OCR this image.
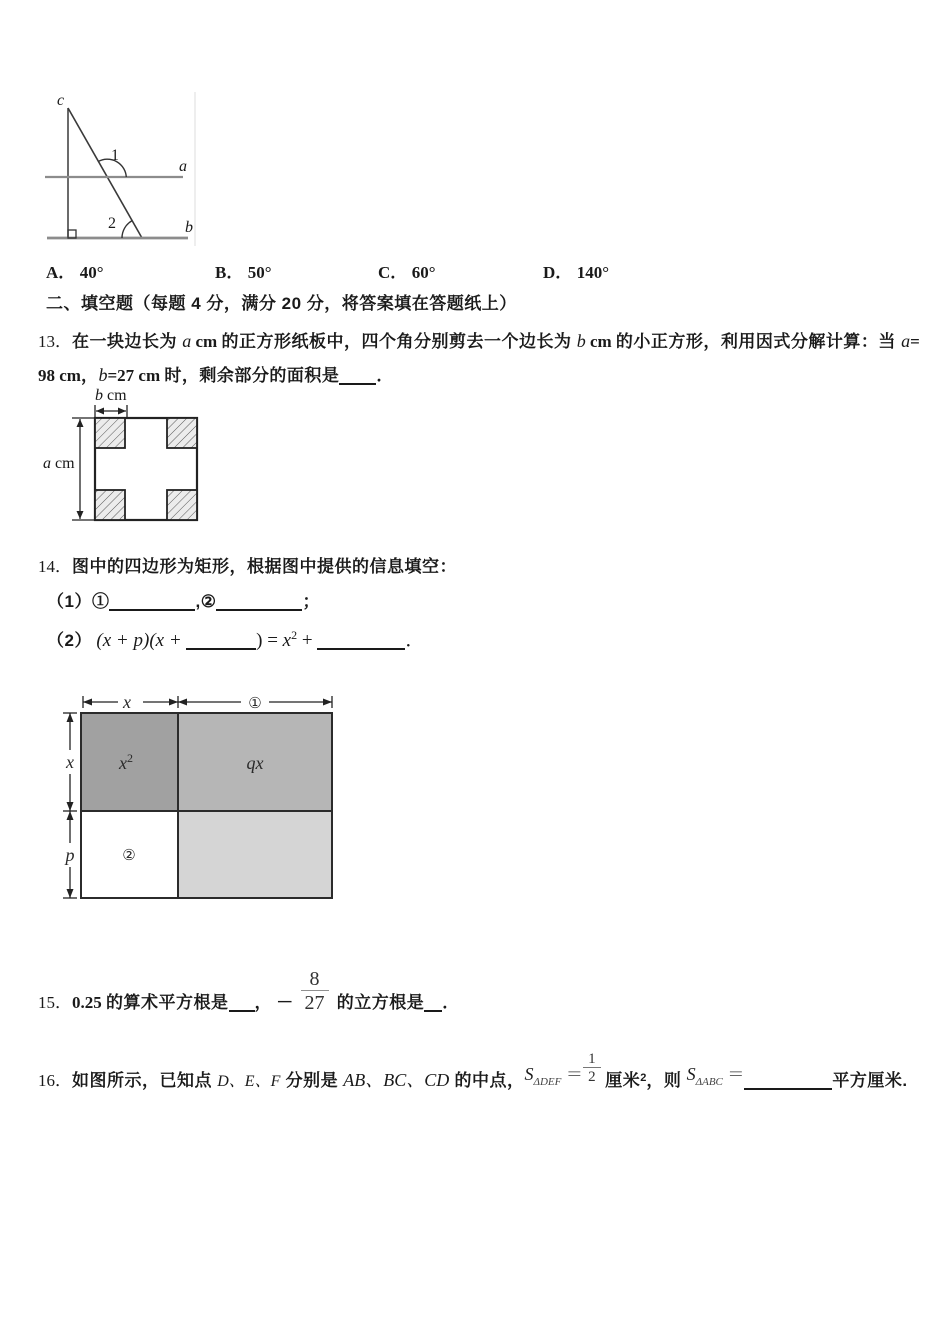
c
a
b
1
2
A． 40°	B． 50°	C． 60°	D． 140°
二、填空题（每题 4 分，满分 20 分，将答案填在答题纸上）
13．在一块边长为 a cm 的正方形纸板中，四个角分别剪去一个边长为 b cm 的小正方形，利用因式分解计算：当 a=
98 cm，b=27 cm 时，剩余部分的面积是 ．
b cm
a cm
14．图中的四边形为矩形，根据图中提供的信息填空：
（1）①	,②	；
（2） (x + p)(x +	) = $x^2$ +	．
x	①
x
p
$x^2$	qx
②
15．0.25 的算术平方根是 ， － $\frac{8}{27}$ 的立方根是 ．
16．如图所示，已知点 D、E、F 分别是 AB、BC、CD 的中点，$S_{\Delta DEF} = \frac{1}{2}$ 厘米$^2$，则 $S_{\Delta ABC}$ ＝	平方厘米.
